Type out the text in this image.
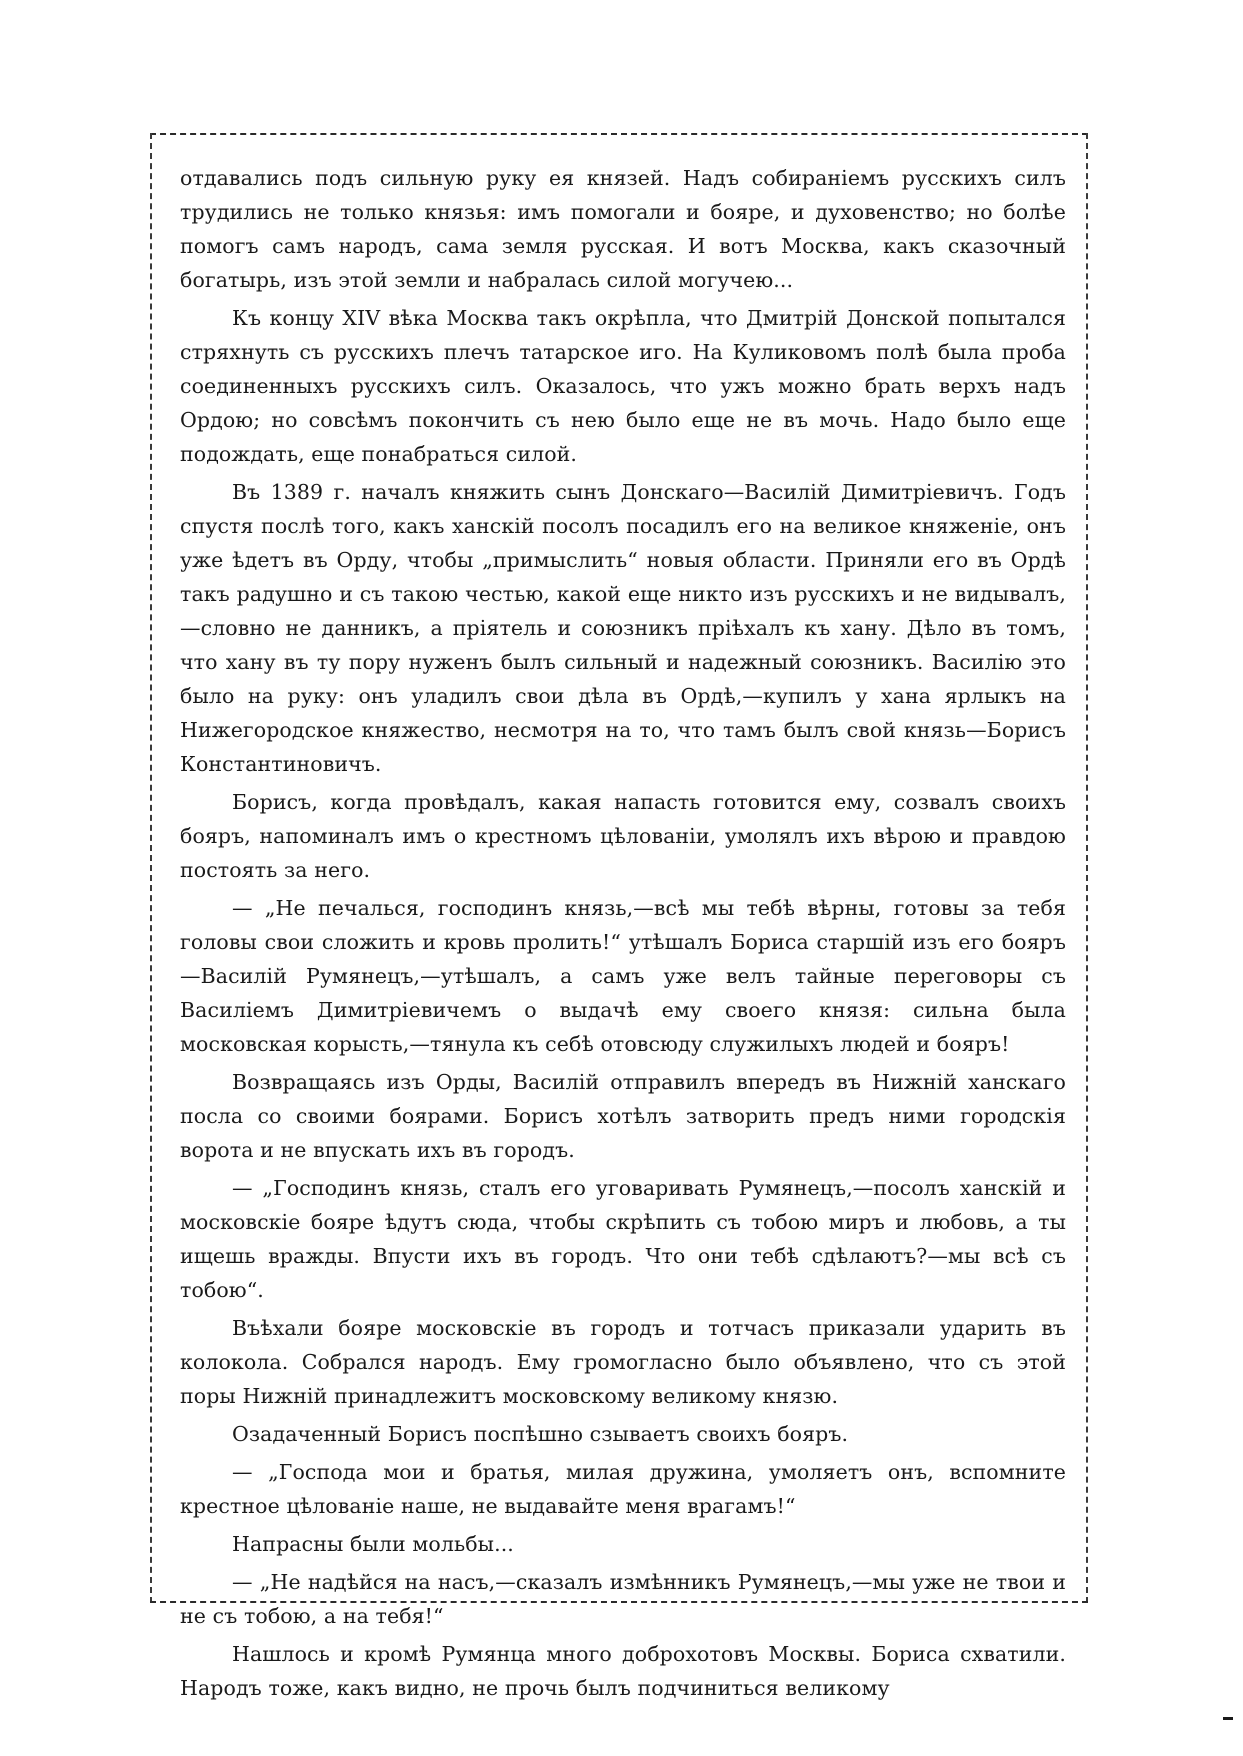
отдавались подъ сильную руку ея князей. Надъ собираніемъ русскихъ силъ трудились не только князья: имъ помогали и бояре, и духовенство; но болѣе помогъ самъ народъ, сама земля русская. И вотъ Москва, какъ сказочный богатырь, изъ этой земли и набралась силой могучею...

Къ концу XIV вѣка Москва такъ окрѣпла, что Дмитрій Донской попытался стряхнуть съ русскихъ плечъ татарское иго. На Куликовомъ полѣ была проба соединенныхъ русскихъ силъ. Оказалось, что ужъ можно брать верхъ надъ Ордою; но совсѣмъ покончить съ нею было еще не въ мочь. Надо было еще подождать, еще понабраться силой.

Въ 1389 г. началъ княжить сынъ Донскаго—Василій Димитріевичъ. Годъ спустя послѣ того, какъ ханскій посолъ посадилъ его на великое княженіе, онъ уже ѣдетъ въ Орду, чтобы „примыслить“ новыя области. Приняли его въ Ордѣ такъ радушно и съ такою честью, какой еще никто изъ русскихъ и не видывалъ,—словно не данникъ, а пріятель и союзникъ пріѣхалъ къ хану. Дѣло въ томъ, что хану въ ту пору нуженъ былъ сильный и надежный союзникъ. Василію это было на руку: онъ уладилъ свои дѣла въ Ордѣ,—купилъ у хана ярлыкъ на Нижегородское княжество, несмотря на то, что тамъ былъ свой князь—Борисъ Константиновичъ.

Борисъ, когда провѣдалъ, какая напасть готовится ему, созвалъ своихъ бояръ, напоминалъ имъ о крестномъ цѣлованіи, умолялъ ихъ вѣрою и правдою постоять за него.

— „Не печалься, господинъ князь,—всѣ мы тебѣ вѣрны, готовы за тебя головы свои сложить и кровь пролить!“ утѣшалъ Бориса старшій изъ его бояръ—Василій Румянецъ,—утѣшалъ, а самъ уже велъ тайные переговоры съ Василіемъ Димитріевичемъ о выдачѣ ему своего князя: сильна была московская корысть,—тянула къ себѣ отовсюду служилыхъ людей и бояръ!

Возвращаясь изъ Орды, Василій отправилъ впередъ въ Нижній ханскаго посла со своими боярами. Борисъ хотѣлъ затворить предъ ними городскія ворота и не впускать ихъ въ городъ.

— „Господинъ князь, сталъ его уговаривать Румянецъ,—посолъ ханскій и московскіе бояре ѣдутъ сюда, чтобы скрѣпить съ тобою миръ и любовь, а ты ищешь вражды. Впусти ихъ въ городъ. Что они тебѣ сдѣлаютъ?—мы всѣ съ тобою“.

Въѣхали бояре московскіе въ городъ и тотчасъ приказали ударить въ колокола. Собрался народъ. Ему громогласно было объявлено, что съ этой поры Нижній принадлежитъ московскому великому князю.

Озадаченный Борисъ поспѣшно сзываетъ своихъ бояръ.

— „Господа мои и братья, милая дружина, умоляетъ онъ, вспомните крестное цѣлованіе наше, не выдавайте меня врагамъ!“

Напрасны были мольбы...

— „Не надѣйся на насъ,—сказалъ измѣнникъ Румянецъ,—мы уже не твои и не съ тобою, а на тебя!“

Нашлось и кромѣ Румянца много доброхотовъ Москвы. Бориса схватили. Народъ тоже, какъ видно, не прочь былъ подчиниться великому
